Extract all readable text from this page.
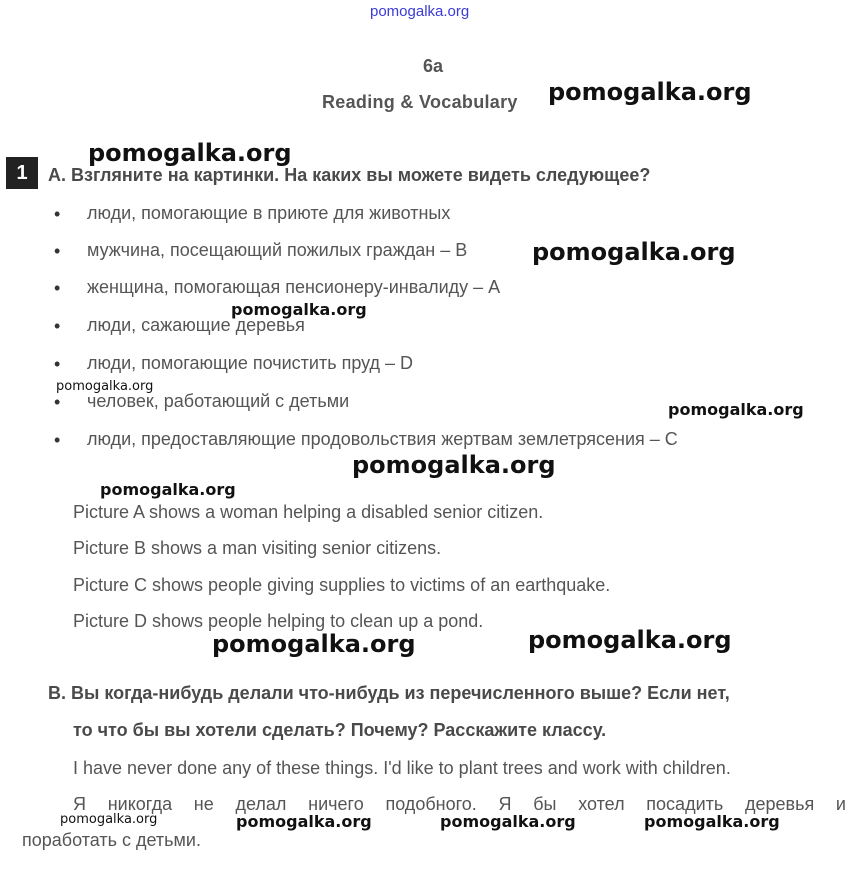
pomogalka.org
6a
Reading & Vocabulary
1	A. Взгляните на картинки. На каких вы можете видеть следующее?
• люди, помогающие в приюте для животных
• мужчина, посещающий пожилых граждан – B
• женщина, помогающая пенсионеру-инвалиду – A
• люди, сажающие деревья
• люди, помогающие почистить пруд – D
• человек, работающий с детьми
• люди, предоставляющие продовольствия жертвам землетрясения – C
Picture A shows a woman helping a disabled senior citizen.
Picture B shows a man visiting senior citizens.
Picture C shows people giving supplies to victims of an earthquake.
Picture D shows people helping to clean up a pond.
B. Вы когда-нибудь делали что-нибудь из перечисленного выше? Если нет,
то что бы вы хотели сделать? Почему? Расскажите классу.
I have never done any of these things. I'd like to plant trees and work with children.
Я никогда не делал ничего подобного. Я бы хотел посадить деревья и
поработать с детьми.
pomogalka.org
pomogalka.org
pomogalka.org
pomogalka.org
pomogalka.org
pomogalka.org
pomogalka.org
pomogalka.org
pomogalka.org	pomogalka.org
pomogalka.org	pomogalka.org	pomogalka.org	pomogalka.org
